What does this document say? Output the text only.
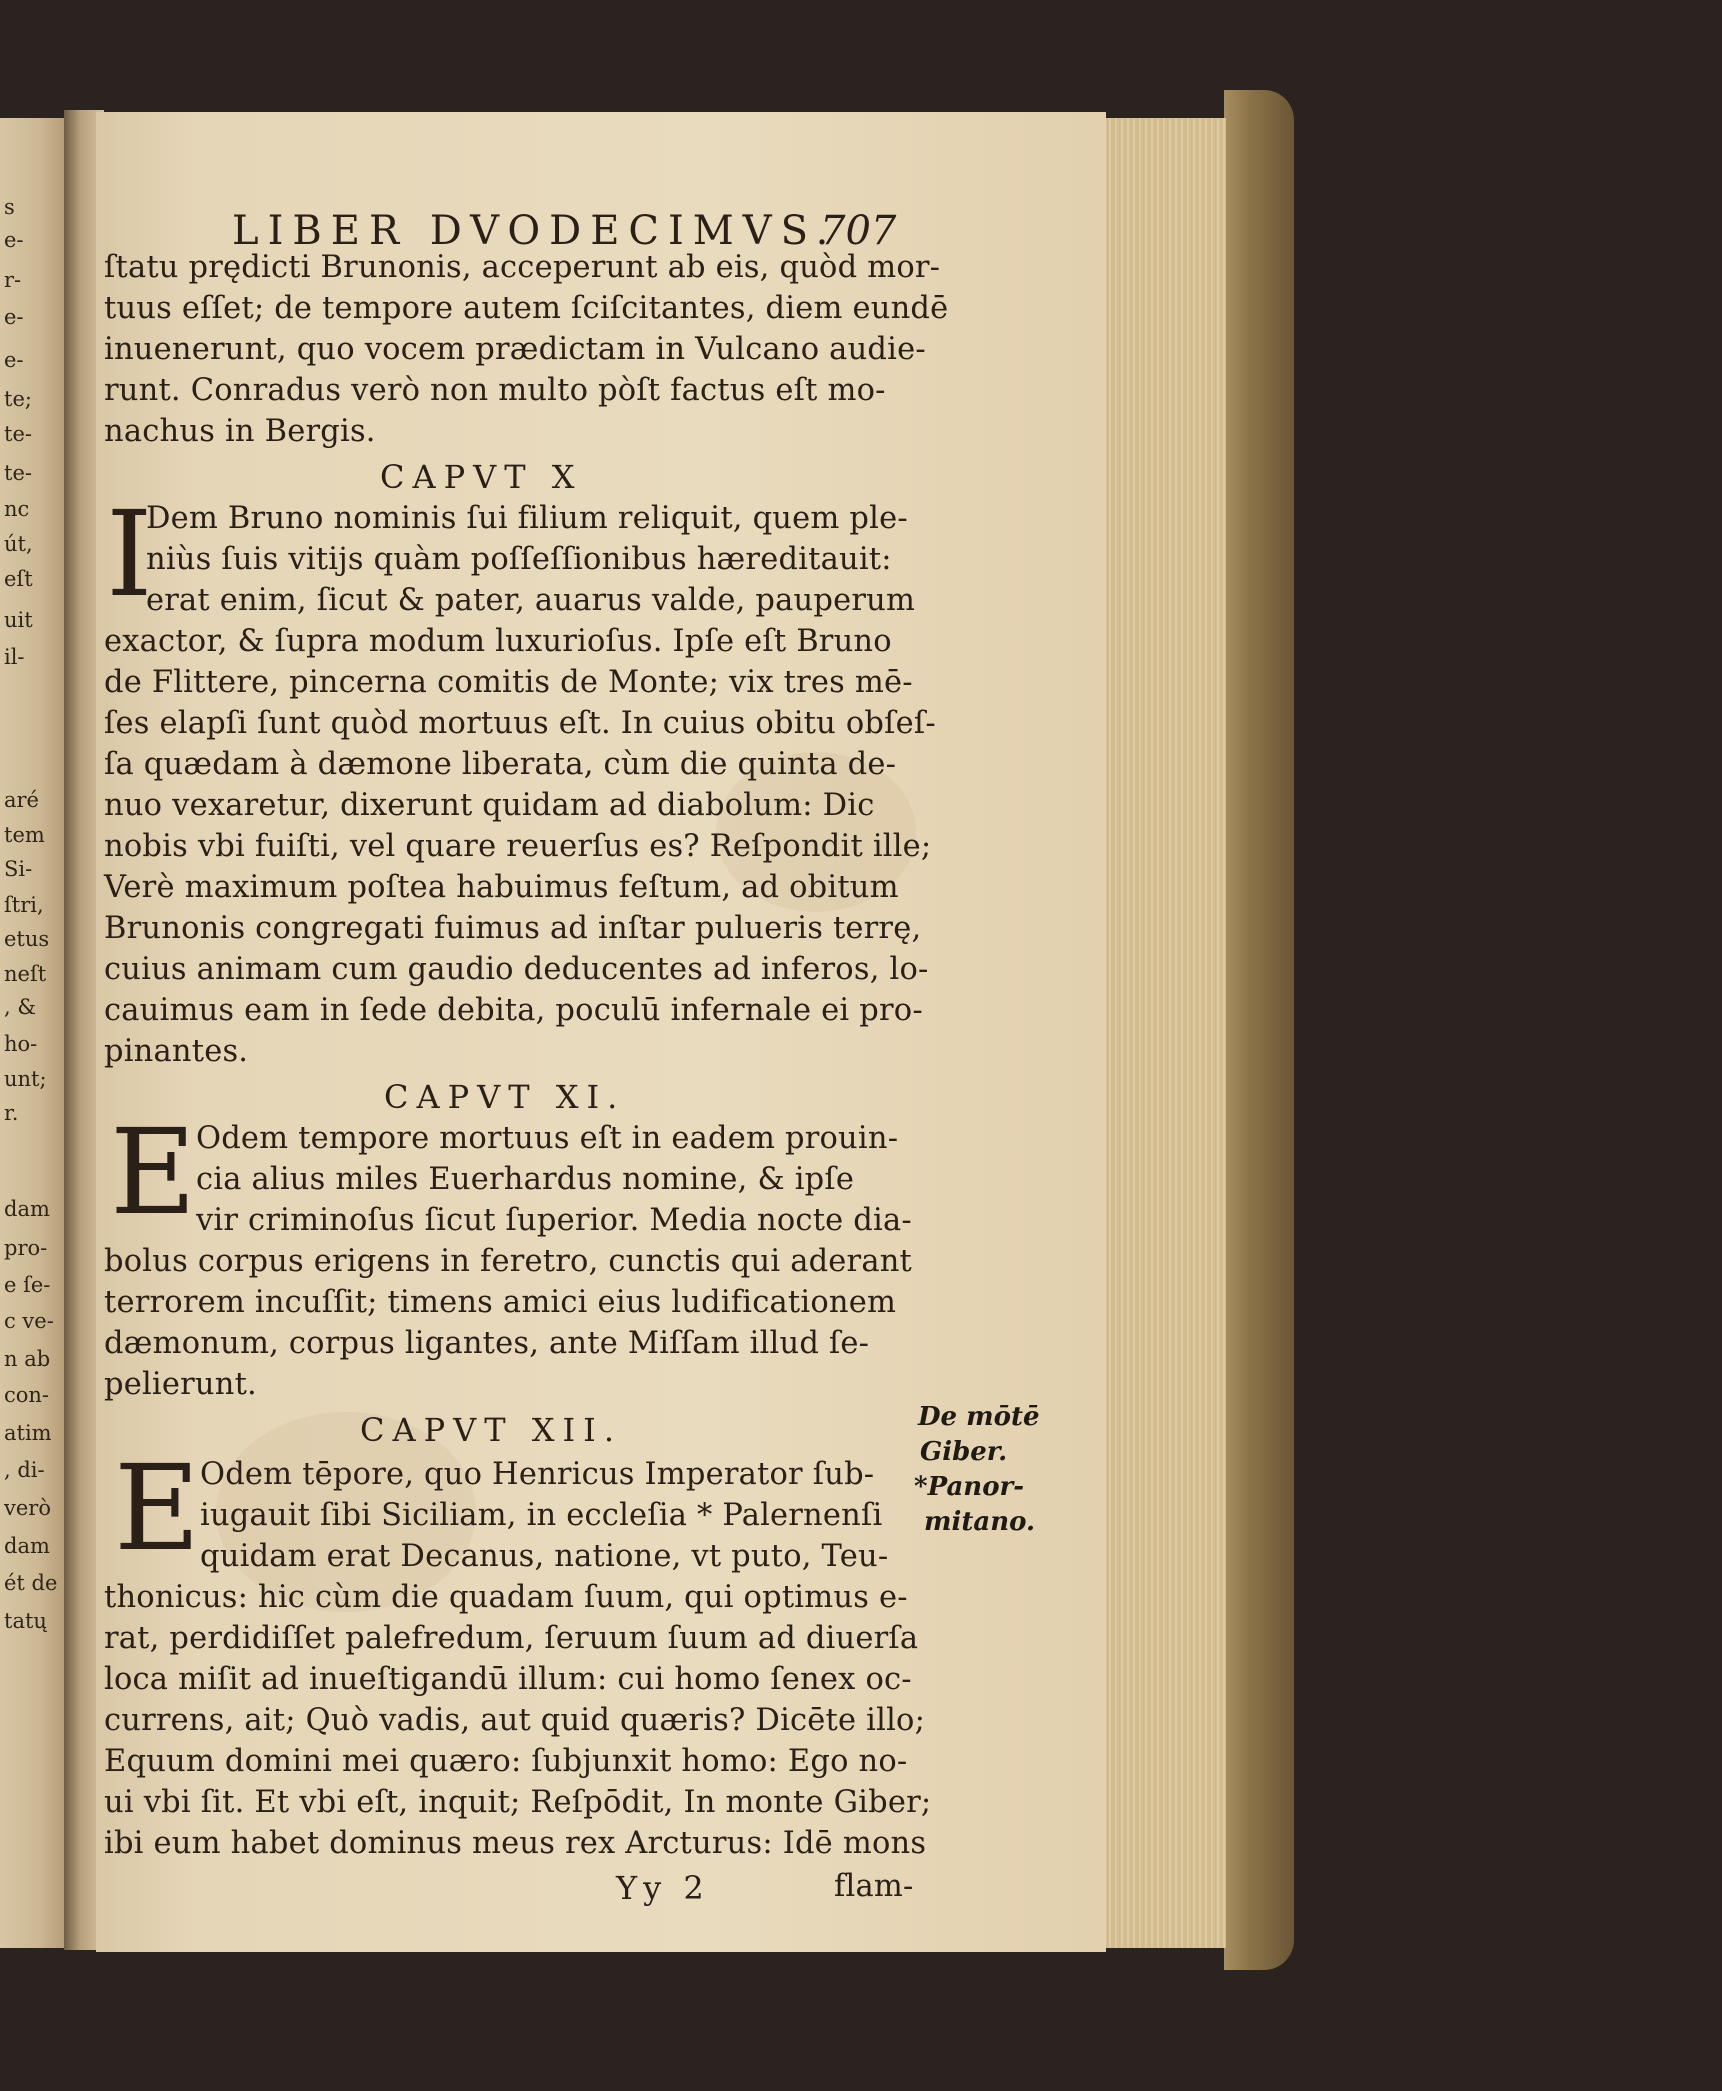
s
e-
r-
e-
e-
te;
te-
te-
nc
út,
eſt
uit
il-
aré
tem
Si-
ſtri,
etus
neſt
, &
ho-
unt;
r.
dam
pro-
e ſe-
c ve-
n ab
con-
atim
, di-
verò
dam
ét de
tatų
LIBER DVODECIMVS.
707
ſtatu prędicti Brunonis, acceperunt ab eis, quòd mor-
tuus eſſet; de tempore autem ſciſcitantes, diem eundē
inuenerunt, quo vocem prædictam in Vulcano audie-
runt. Conradus verò non multo pòſt factus eſt mo-
nachus in Bergis.
CAPVT X
I
Dem Bruno nominis ſui filium reliquit, quem ple-
niùs ſuis vitijs quàm poſſeſſionibus hæreditauit:
erat enim, ſicut & pater, auarus valde, pauperum
exactor, & ſupra modum luxurioſus. Ipſe eſt Bruno
de Flittere, pincerna comitis de Monte; vix tres mē-
ſes elapſi ſunt quòd mortuus eſt. In cuius obitu obſeſ-
ſa quædam à dæmone liberata, cùm die quinta de-
nuo vexaretur, dixerunt quidam ad diabolum: Dic
nobis vbi fuiſti, vel quare reuerſus es? Reſpondit ille;
Verè maximum poſtea habuimus feſtum, ad obitum
Brunonis congregati fuimus ad inſtar pulueris terrę,
cuius animam cum gaudio deducentes ad inferos, lo-
cauimus eam in ſede debita, poculū infernale ei pro-
pinantes.
CAPVT XI.
E Odem tempore mortuus eſt in eadem prouin-
cia alius miles Euerhardus nomine, & ipſe
vir criminoſus ſicut ſuperior. Media nocte dia-
bolus corpus erigens in feretro, cunctis qui aderant
terrorem incuſſit; timens amici eius ludificationem
dæmonum, corpus ligantes, ante Miſſam illud ſe-
pelierunt.
CAPVT XII.
E Odem tēpore, quo Henricus Imperator ſub-
iugauit ſibi Siciliam, in eccleſia * Palernenſi
quidam erat Decanus, natione, vt puto, Teu-
thonicus: hic cùm die quadam ſuum, qui optimus e-
rat, perdidiſſet palefredum, ſeruum ſuum ad diuerſa
loca miſit ad inueſtigandū illum: cui homo ſenex oc-
currens, ait; Quò vadis, aut quid quæris? Dicēte illo;
Equum domini mei quæro: ſubjunxit homo: Ego no-
ui vbi ſit. Et vbi eſt, inquit; Reſpōdit, In monte Giber;
ibi eum habet dominus meus rex Arcturus: Idē mons
Yy 2	flam-
De mōtē
Giber.
*Panor-
mitano.
